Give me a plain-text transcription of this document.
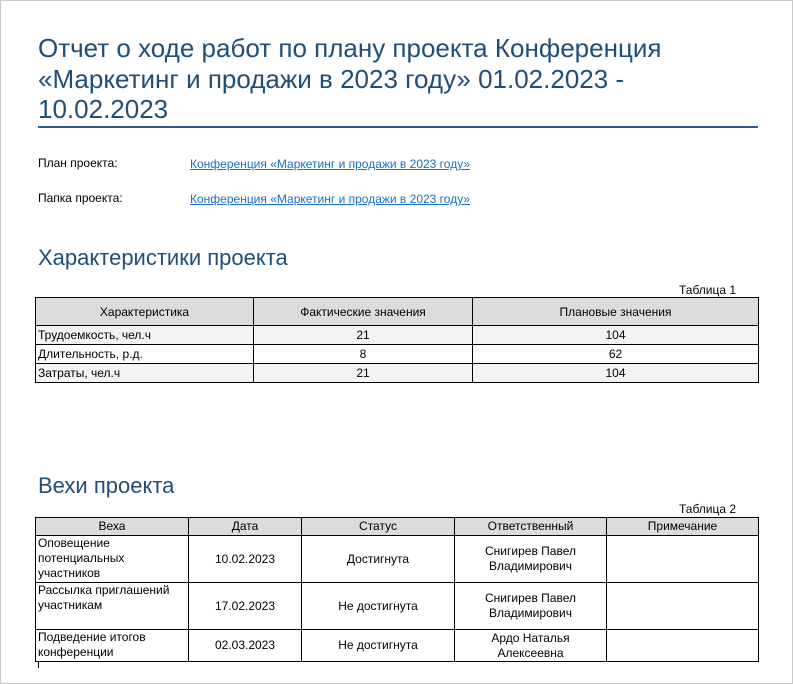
Отчет о ходе работ по плану проекта Конференция «Маркетинг и продажи в 2023 году» 01.02.2023 - 10.02.2023
План проекта:	Конференция «Маркетинг и продажи в 2023 году»
Папка проекта:	Конференция «Маркетинг и продажи в 2023 году»
Характеристики проекта
Таблица 1
Характеристика	Фактические значения	Плановые значения
Трудоемкость, чел.ч	21	104
Длительность, р.д.	8	62
Затраты, чел.ч	21	104
Вехи проекта
Таблица 2
Веха	Дата	Статус	Ответственный	Примечание
Оповещение потенциальных участников	10.02.2023	Достигнута	Снигирев Павел Владимирович	
Рассылка приглашений участникам	17.02.2023	Не достигнута	Снигирев Павел Владимирович	
Подведение итогов конференции	02.03.2023	Не достигнута	Ардо Наталья Алексеевна	
